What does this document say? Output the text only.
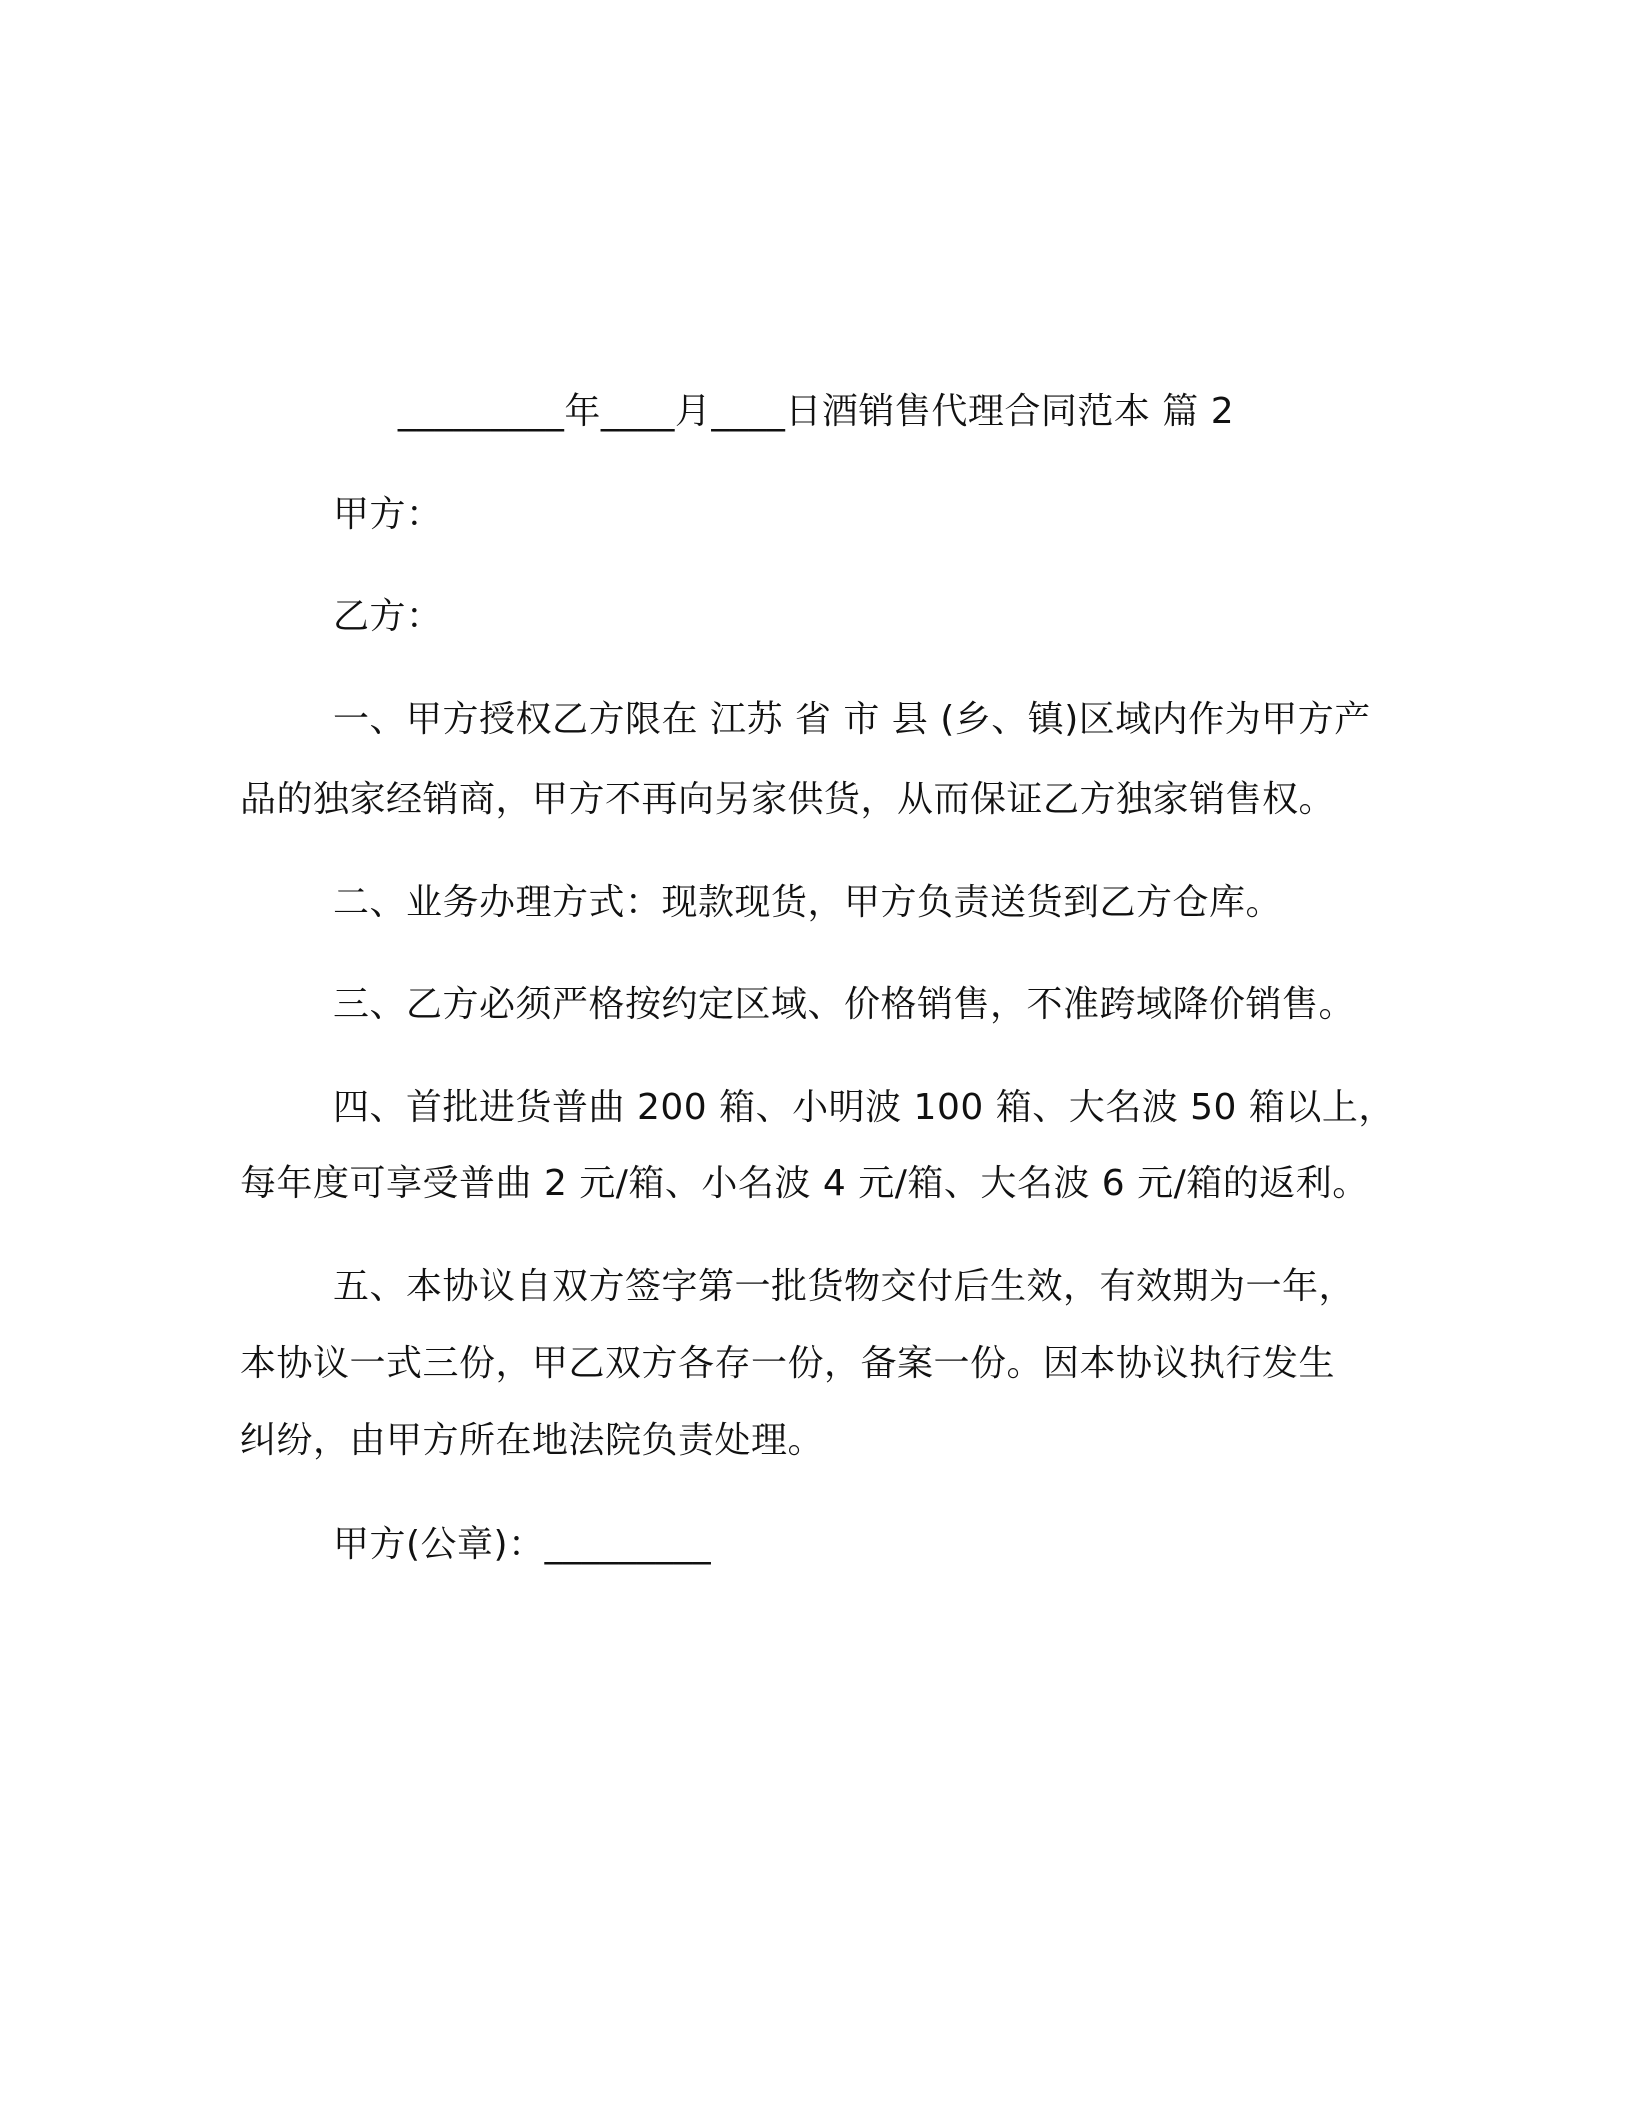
_________年____月____日酒销售代理合同范本 篇 2
甲方：
乙方：
一、甲方授权乙方限在 江苏 省 市 县 (乡、镇)区域内作为甲方产
品的独家经销商，甲方不再向另家供货，从而保证乙方独家销售权。
二、业务办理方式：现款现货，甲方负责送货到乙方仓库。
三、乙方必须严格按约定区域、价格销售，不准跨域降价销售。
四、首批进货普曲 200 箱、小明波 100 箱、大名波 50 箱以上，
每年度可享受普曲 2 元/箱、小名波 4 元/箱、大名波 6 元/箱的返利。
五、本协议自双方签字第一批货物交付后生效，有效期为一年，
本协议一式三份，甲乙双方各存一份，备案一份。因本协议执行发生
纠纷，由甲方所在地法院负责处理。
甲方(公章)：_________
